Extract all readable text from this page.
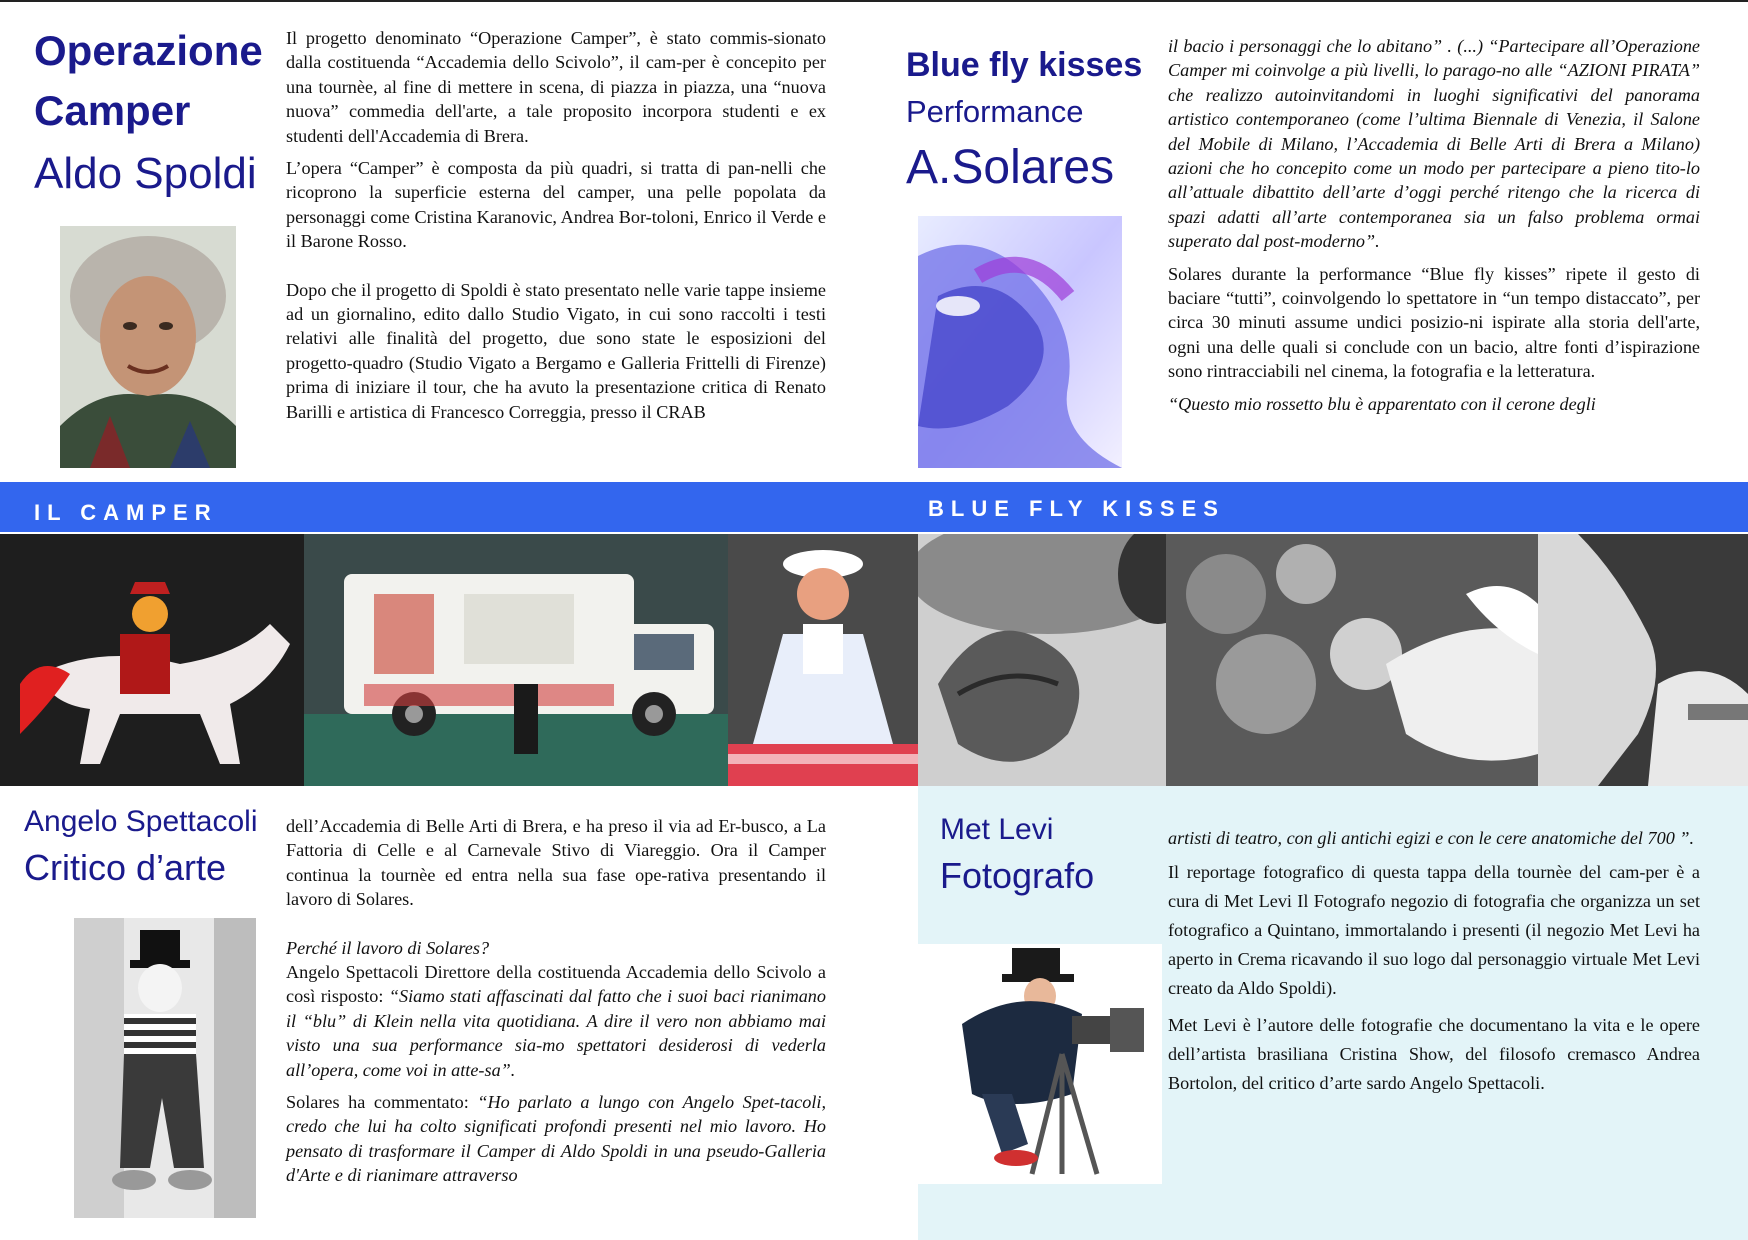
Operazione
Camper
Aldo Spoldi

Il progetto denominato “Operazione Camper”, è stato commis-sionato dalla costituenda “Accademia dello Scivolo”, il cam-per è concepito per una tournèe, al fine di mettere in scena, di piazza in piazza, una “nuova nuova” commedia dell'arte, a tale proposito incorpora studenti e ex studenti dell'Accademia di Brera.

L’opera “Camper” è composta da più quadri, si tratta di pan-nelli che ricoprono la superficie esterna del camper, una pelle popolata da personaggi come Cristina Karanovic, Andrea Bor-toloni, Enrico il Verde e il Barone Rosso.

Dopo che il progetto di Spoldi è stato presentato nelle varie tappe insieme ad un giornalino, edito dallo Studio Vigato, in cui sono raccolti i testi relativi alle finalità del progetto, due sono state le esposizioni del progetto-quadro (Studio Vigato a Bergamo e Galleria Frittelli di Firenze) prima di iniziare il tour, che ha avuto la presentazione critica di Renato Barilli e artistica di Francesco Correggia, presso il CRAB

Blue fly kisses
Performance
A.Solares

il bacio i personaggi che lo abitano” . (...) “Partecipare all’Operazione Camper mi coinvolge a più livelli, lo parago-no alle “AZIONI PIRATA” che realizzo autoinvitandomi in luoghi significativi del panorama artistico contemporaneo (come l’ultima Biennale di Venezia, il Salone del Mobile di Milano, l’Accademia di Belle Arti di Brera a Milano) azioni che ho concepito come un modo per partecipare a pieno tito-lo all’attuale dibattito dell’arte d’oggi perché ritengo che la ricerca di spazi adatti all’arte contemporanea sia un falso problema ormai superato dal post-moderno”.

Solares durante la performance “Blue fly kisses” ripete il gesto di baciare “tutti”, coinvolgendo lo spettatore in “un tempo distaccato”, per circa 30 minuti assume undici posizio-ni ispirate alla storia dell'arte, ogni una delle quali si conclude con un bacio, altre fonti d’ispirazione sono rintracciabili nel cinema, la fotografia e la letteratura.

“Questo mio rossetto blu è apparentato con il cerone degli

IL CAMPER	BLUE FLY KISSES
Angelo Spettacoli
Critico d’arte

dell’Accademia di Belle Arti di Brera, e ha preso il via ad Er-busco, a La Fattoria di Celle e al Carnevale Stivo di Viareggio. Ora il Camper continua la tournèe ed entra nella sua fase ope-rativa presentando il lavoro di Solares.

Perché il lavoro di Solares?

Angelo Spettacoli Direttore della costituenda Accademia dello Scivolo a così risposto: “Siamo stati affascinati dal fatto che i suoi baci rianimano il “blu” di Klein nella vita quotidiana. A dire il vero non abbiamo mai visto una sua performance sia-mo spettatori desiderosi di vederla all’opera, come voi in atte-sa”.

Solares ha commentato: “Ho parlato a lungo con Angelo Spet-tacoli, credo che lui ha colto significati profondi presenti nel mio lavoro. Ho pensato di trasformare il Camper di Aldo Spoldi in una pseudo-Galleria d'Arte e di rianimare attraverso

Met Levi
Fotografo

artisti di teatro, con gli antichi egizi e con le cere anatomiche del 700 ”.

Il reportage fotografico di questa tappa della tournèe del cam-per è a cura di Met Levi Il Fotografo negozio di fotografia che organizza un set fotografico a Quintano, immortalando i presenti (il negozio Met Levi ha aperto in Crema ricavando il suo logo dal personaggio virtuale Met Levi creato da Aldo Spoldi).

Met Levi è l’autore delle fotografie che documentano la vita e le opere dell’artista brasiliana Cristina Show, del filosofo cremasco Andrea Bortolon, del critico d’arte sardo Angelo Spettacoli.
